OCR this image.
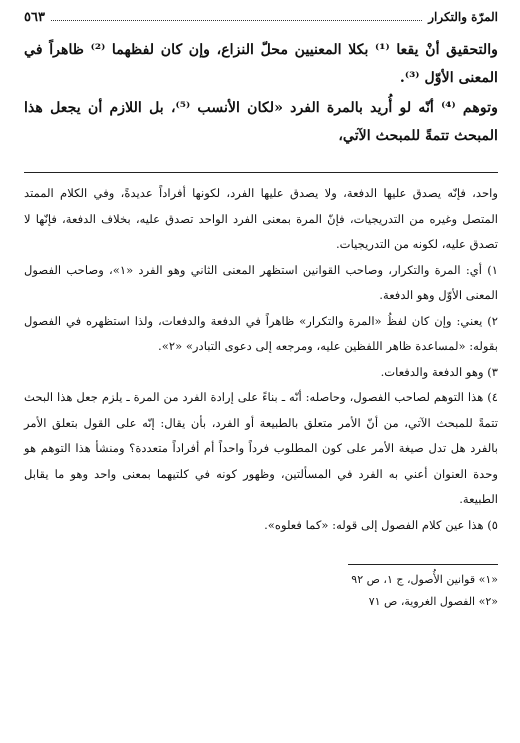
المرّة والتكرار
٥٦٣

والتحقيق أنْ يقعا ⁽¹⁾ بكلا المعنيين محلّ النزاع، وإن كان لفظهما ⁽²⁾ ظاهراً في المعنى الأوّل ⁽³⁾.

وتوهم ⁽⁴⁾ أنّه لو أُريد بالمرة الفرد «لكان الأنسب ⁽⁵⁾، بل اللازم أن يجعل هذا المبحث تتمةً للمبحث الآتي،

واحد، فإنّه يصدق عليها الدفعة، ولا يصدق عليها الفرد، لكونها أفراداً عديدةً، وفي الكلام الممتد المتصل وغيره من التدريجيات، فإنّ المرة بمعنى الفرد الواحد تصدق عليه، بخلاف الدفعة، فإنّها لا تصدق عليه، لكونه من التدريجيات.

١) أي: المرة والتكرار، وصاحب القوانين استظهر المعنى الثاني وهو الفرد «١»، وصاحب الفصول المعنى الأوّل وهو الدفعة.

٢) يعني: وإن كان لفظُ «المرة والتكرار» ظاهراً في الدفعة والدفعات، ولذا استظهره في الفصول بقوله: «لمساعدة ظاهر اللفظين عليه، ومرجعه إلى دعوى التبادر» «٢».

٣) وهو الدفعة والدفعات.

٤) هذا التوهم لصاحب الفصول، وحاصله: أنّه ـ بناءً على إرادة الفرد من المرة ـ يلزم جعل هذا البحث تتمةً للمبحث الآتي، من أنّ الأمر متعلق بالطبيعة أو الفرد، بأن يقال: إنّه على القول بتعلق الأمر بالفرد هل تدل صيغة الأمر على كون المطلوب فرداً واحداً أم أفراداً متعددة؟ ومنشأ هذا التوهم هو وحدة العنوان أعني به الفرد في المسألتين، وظهور كونه في كلتيهما بمعنى واحد وهو ما يقابل الطبيعة.

٥) هذا عين كلام الفصول إلى قوله: «كما فعلوه».

«١» قوانين الأُصول، ج ١، ص ٩٢

«٢» الفصول الغروية، ص ٧١
